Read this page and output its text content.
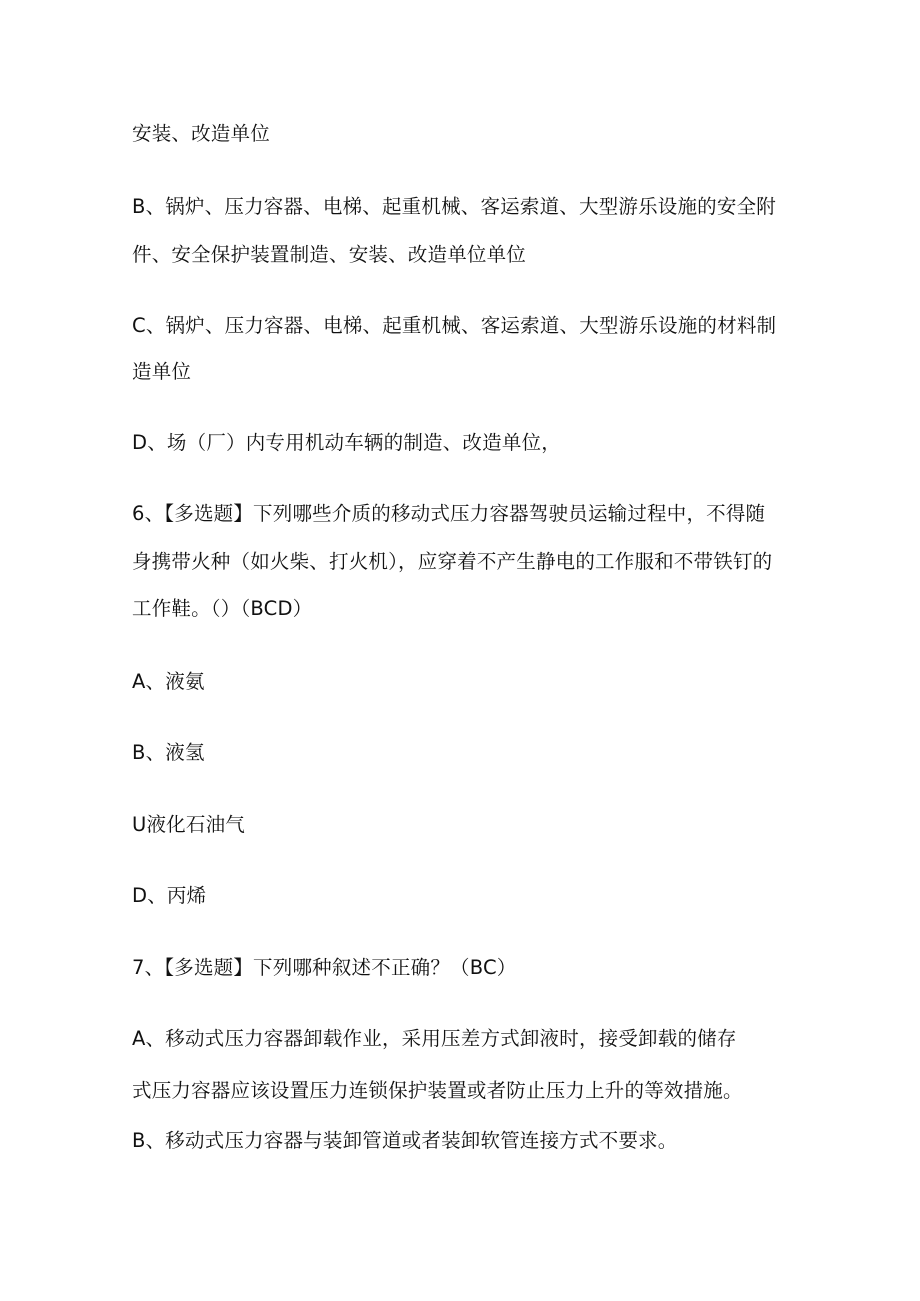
安装、改造单位
B、锅炉、压力容器、电梯、起重机械、客运索道、大型游乐设施的安全附
件、安全保护装置制造、安装、改造单位单位
C、锅炉、压力容器、电梯、起重机械、客运索道、大型游乐设施的材料制
造单位
D、场（厂）内专用机动车辆的制造、改造单位，
6、【多选题】下列哪些介质的移动式压力容器驾驶员运输过程中，不得随
身携带火种（如火柴、打火机），应穿着不产生静电的工作服和不带铁钉的
工作鞋。（）（BCD）
A、液氨
B、液氢
U液化石油气
D、丙烯
7、【多选题】下列哪种叙述不正确？（BC）
A、移动式压力容器卸载作业，采用压差方式卸液时，接受卸载的储存
式压力容器应该设置压力连锁保护装置或者防止压力上升的等效措施。
B、移动式压力容器与装卸管道或者装卸软管连接方式不要求。
